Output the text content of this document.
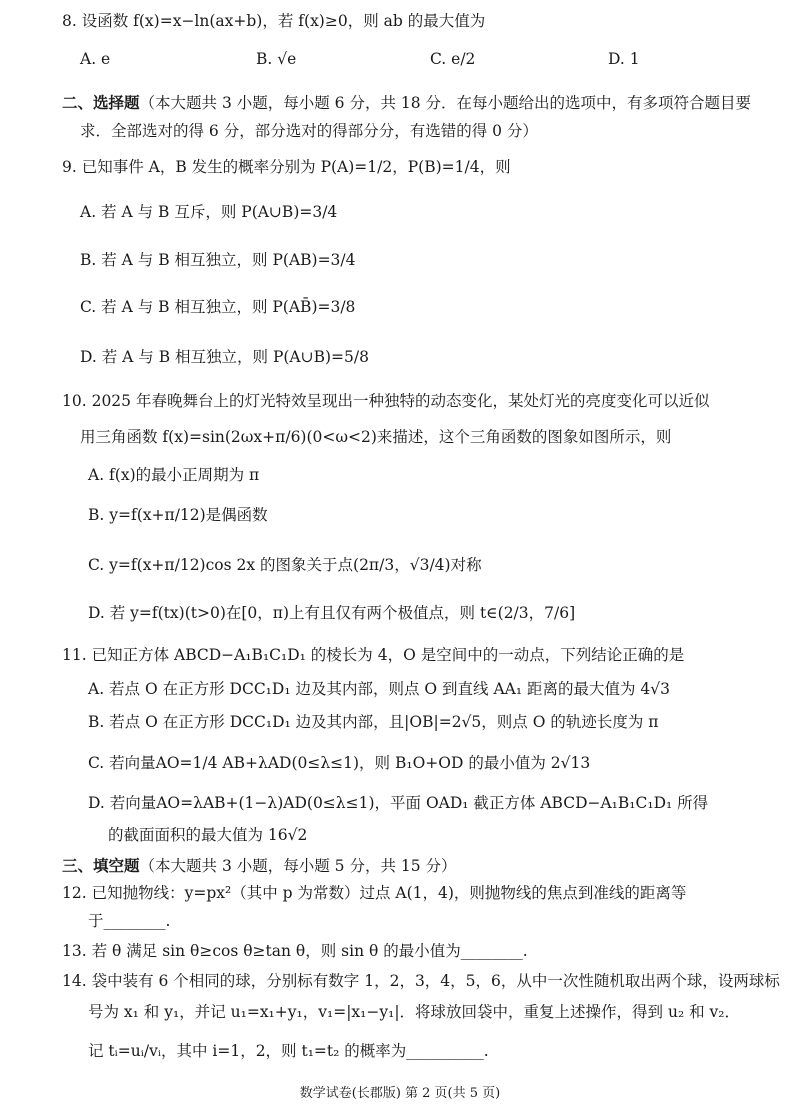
8. 设函数 f(x)=x−ln(ax+b)，若 f(x)≥0，则 ab 的最大值为
A. e	B. √e	C. e/2	D. 1
二、选择题（本大题共 3 小题，每小题 6 分，共 18 分．在每小题给出的选项中，有多项符合题目要
求．全部选对的得 6 分，部分选对的得部分分，有选错的得 0 分）
9. 已知事件 A，B 发生的概率分别为 P(A)=1/2，P(B)=1/4，则
A. 若 A 与 B 互斥，则 P(A∪B)=3/4
B. 若 A 与 B 相互独立，则 P(AB)=3/4
C. 若 A 与 B 相互独立，则 P(AB̄)=3/8
D. 若 A 与 B 相互独立，则 P(A∪B)=5/8
10. 2025 年春晚舞台上的灯光特效呈现出一种独特的动态变化，某处灯光的亮度变化可以近似
用三角函数 f(x)=sin(2ωx+π/6)(0<ω<2)来描述，这个三角函数的图象如图所示，则
A. f(x)的最小正周期为 π
B. y=f(x+π/12)是偶函数
C. y=f(x+π/12)cos 2x 的图象关于点(2π/3，√3/4)对称
D. 若 y=f(tx)(t>0)在[0，π)上有且仅有两个极值点，则 t∈(2/3，7/6]
11. 已知正方体 ABCD−A₁B₁C₁D₁ 的棱长为 4，O 是空间中的一动点，下列结论正确的是
A. 若点 O 在正方形 DCC₁D₁ 边及其内部，则点 O 到直线 AA₁ 距离的最大值为 4√3
B. 若点 O 在正方形 DCC₁D₁ 边及其内部，且|OB|=2√5，则点 O 的轨迹长度为 π
C. 若向量AO=1/4 AB+λAD(0≤λ≤1)，则 B₁O+OD 的最小值为 2√13
D. 若向量AO=λAB+(1−λ)AD(0≤λ≤1)，平面 OAD₁ 截正方体 ABCD−A₁B₁C₁D₁ 所得
的截面面积的最大值为 16√2
三、填空题（本大题共 3 小题，每小题 5 分，共 15 分）
12. 已知抛物线：y=px²（其中 p 为常数）过点 A(1，4)，则抛物线的焦点到准线的距离等
于________.
13. 若 θ 满足 sin θ≥cos θ≥tan θ，则 sin θ 的最小值为________.
14. 袋中装有 6 个相同的球，分别标有数字 1，2，3，4，5，6，从中一次性随机取出两个球，设两球标
号为 x₁ 和 y₁，并记 u₁=x₁+y₁，v₁=|x₁−y₁|．将球放回袋中，重复上述操作，得到 u₂ 和 v₂．
记 tᵢ=uᵢ/vᵢ，其中 i=1，2，则 t₁=t₂ 的概率为__________.
数学试卷(长郡版) 第 2 页(共 5 页)
